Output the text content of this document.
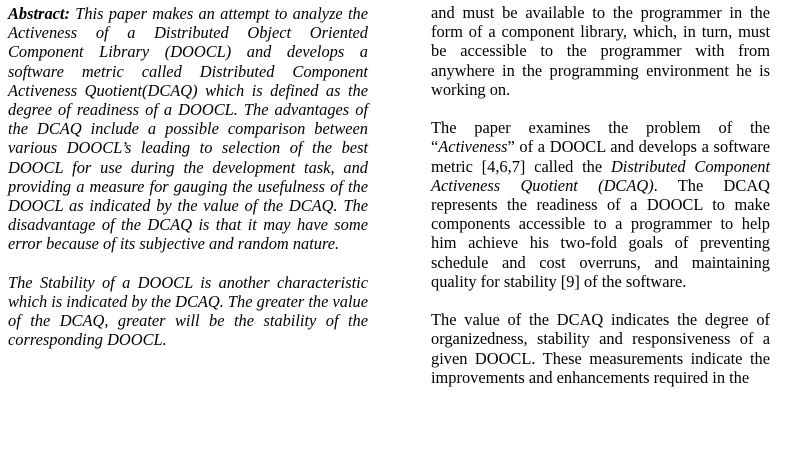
Abstract: This paper makes an attempt to analyze the Activeness of a Distributed Object Oriented Component Library (DOOCL) and develops a software metric called Distributed Component Activeness Quotient(DCAQ) which is defined as the degree of readiness of a DOOCL. The advantages of the DCAQ include a possible comparison between various DOOCL’s leading to selection of the best DOOCL for use during the development task, and providing a measure for gauging the usefulness of the DOOCL as indicated by the value of the DCAQ. The disadvantage of the DCAQ is that it may have some error because of its subjective and random nature.

The Stability of a DOOCL is another characteristic which is indicated by the DCAQ. The greater the value of the DCAQ, greater will be the stability of the corresponding DOOCL.

and must be available to the programmer in the form of a component library, which, in turn, must be accessible to the programmer with from anywhere in the programming environment he is working on.

The paper examines the problem of the “Activeness” of a DOOCL and develops a software metric [4,6,7] called the Distributed Component Activeness Quotient (DCAQ). The DCAQ represents the readiness of a DOOCL to make components accessible to a programmer to help him achieve his two-fold goals of preventing schedule and cost overruns, and maintaining quality for stability [9] of the software.

The value of the DCAQ indicates the degree of organizedness, stability and responsiveness of a given DOOCL. These measurements indicate the improvements and enhancements required in the
